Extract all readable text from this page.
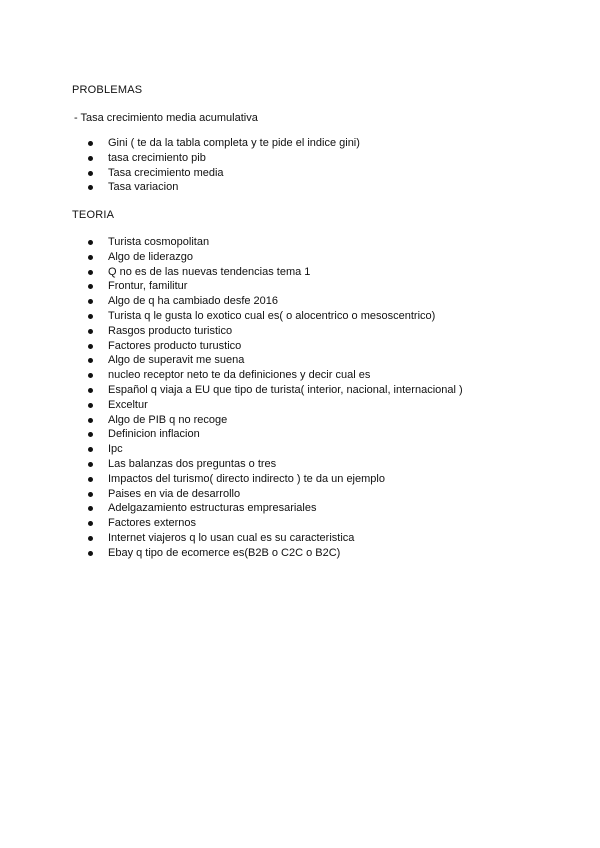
PROBLEMAS
- Tasa crecimiento media acumulativa
Gini ( te da la tabla completa y te pide el indice gini)
tasa crecimiento pib
Tasa crecimiento media
Tasa variacion
TEORIA
Turista cosmopolitan
Algo de liderazgo
Q no es de las nuevas tendencias tema 1
Frontur, familitur
Algo de q ha cambiado desfe 2016
Turista q le gusta lo exotico cual es( o alocentrico o mesoscentrico)
Rasgos producto turistico
Factores producto turustico
Algo de superavit me suena
nucleo receptor neto te da definiciones y decir cual es
Español q viaja a EU que tipo de turista( interior, nacional, internacional )
Exceltur
Algo de PIB q no recoge
Definicion inflacion
Ipc
Las balanzas dos preguntas o tres
Impactos del turismo( directo indirecto ) te da un ejemplo
Paises en via de desarrollo
Adelgazamiento estructuras empresariales
Factores externos
Internet viajeros q lo usan cual es su caracteristica
Ebay q tipo de ecomerce es(B2B o C2C o B2C)
